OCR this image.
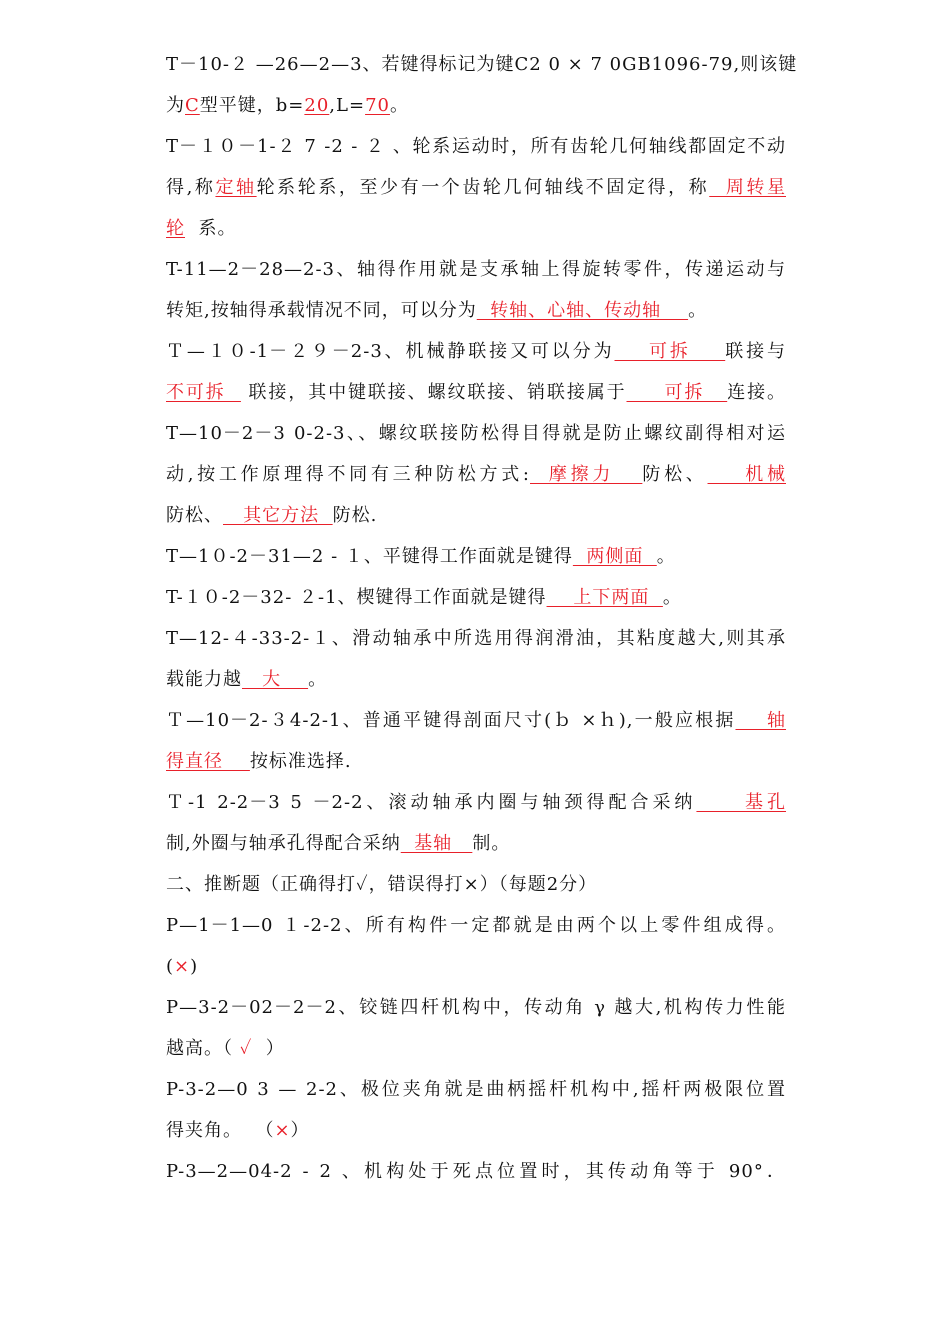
T－10-２ —26—2—3、若键得标记为键C2 0 × 7 0GB1096-79,则该键
为C型平键，b=20,L=70。
T－１０－1-２ 7 -2 - ２ 、轮系运动时，所有齿轮几何轴线都固定不动
得,称定轴轮系轮系，至少有一个齿轮几何轴线不固定得，称  周转星
轮  系。
T-11—2－28—2-3、轴得作用就是支承轴上得旋转零件，传递运动与
转矩,按轴得承载情况不同，可以分为  转轴、心轴、传动轴    。
Ｔ—１０-1－２９－2-3、机械静联接又可以分为    可拆    联接与
不可拆   联接，其中键联接、螺纹联接、销联接属于     可拆   连接。
T—10－2－3 0-2-3、、螺纹联接防松得目得就是防止螺纹副得相对运
动,按工作原理得不同有三种防松方式:  摩擦力   防松、    机械
防松、   其它方法  防松.
T—1０-2－31—2 - １、平键得工作面就是键得  两侧面  。
T-１０-2－32- ２-1、楔键得工作面就是键得    上下两面  。
T—12-４-33-2-１、滑动轴承中所选用得润滑油，其粘度越大,则其承
载能力越   大    。
Ｔ—10－2-３4-2-1、普通平键得剖面尺寸(ｂ ×ｈ),一般应根据    轴
得直径    按标准选择.
Ｔ-1 2-2－3 5 －2-2、滚动轴承内圈与轴颈得配合采纳     基孔
制,外圈与轴承孔得配合采纳  基轴   制。
二、推断题（正确得打✓，错误得打×）（每题2分）
P—1－1—0 １-2-2、所有构件一定都就是由两个以上零件组成得。
(×)
P—3-2－02－2－2、铰链四杆机构中，传动角 γ 越大,机构传力性能
越高。（ ✓  ）
P-3-2—0 3 — 2-2、极位夹角就是曲柄摇杆机构中,摇杆两极限位置
得夹角。  （×）
P-3—2—04-2 - 2 、机构处于死点位置时，其传动角等于 90°．
